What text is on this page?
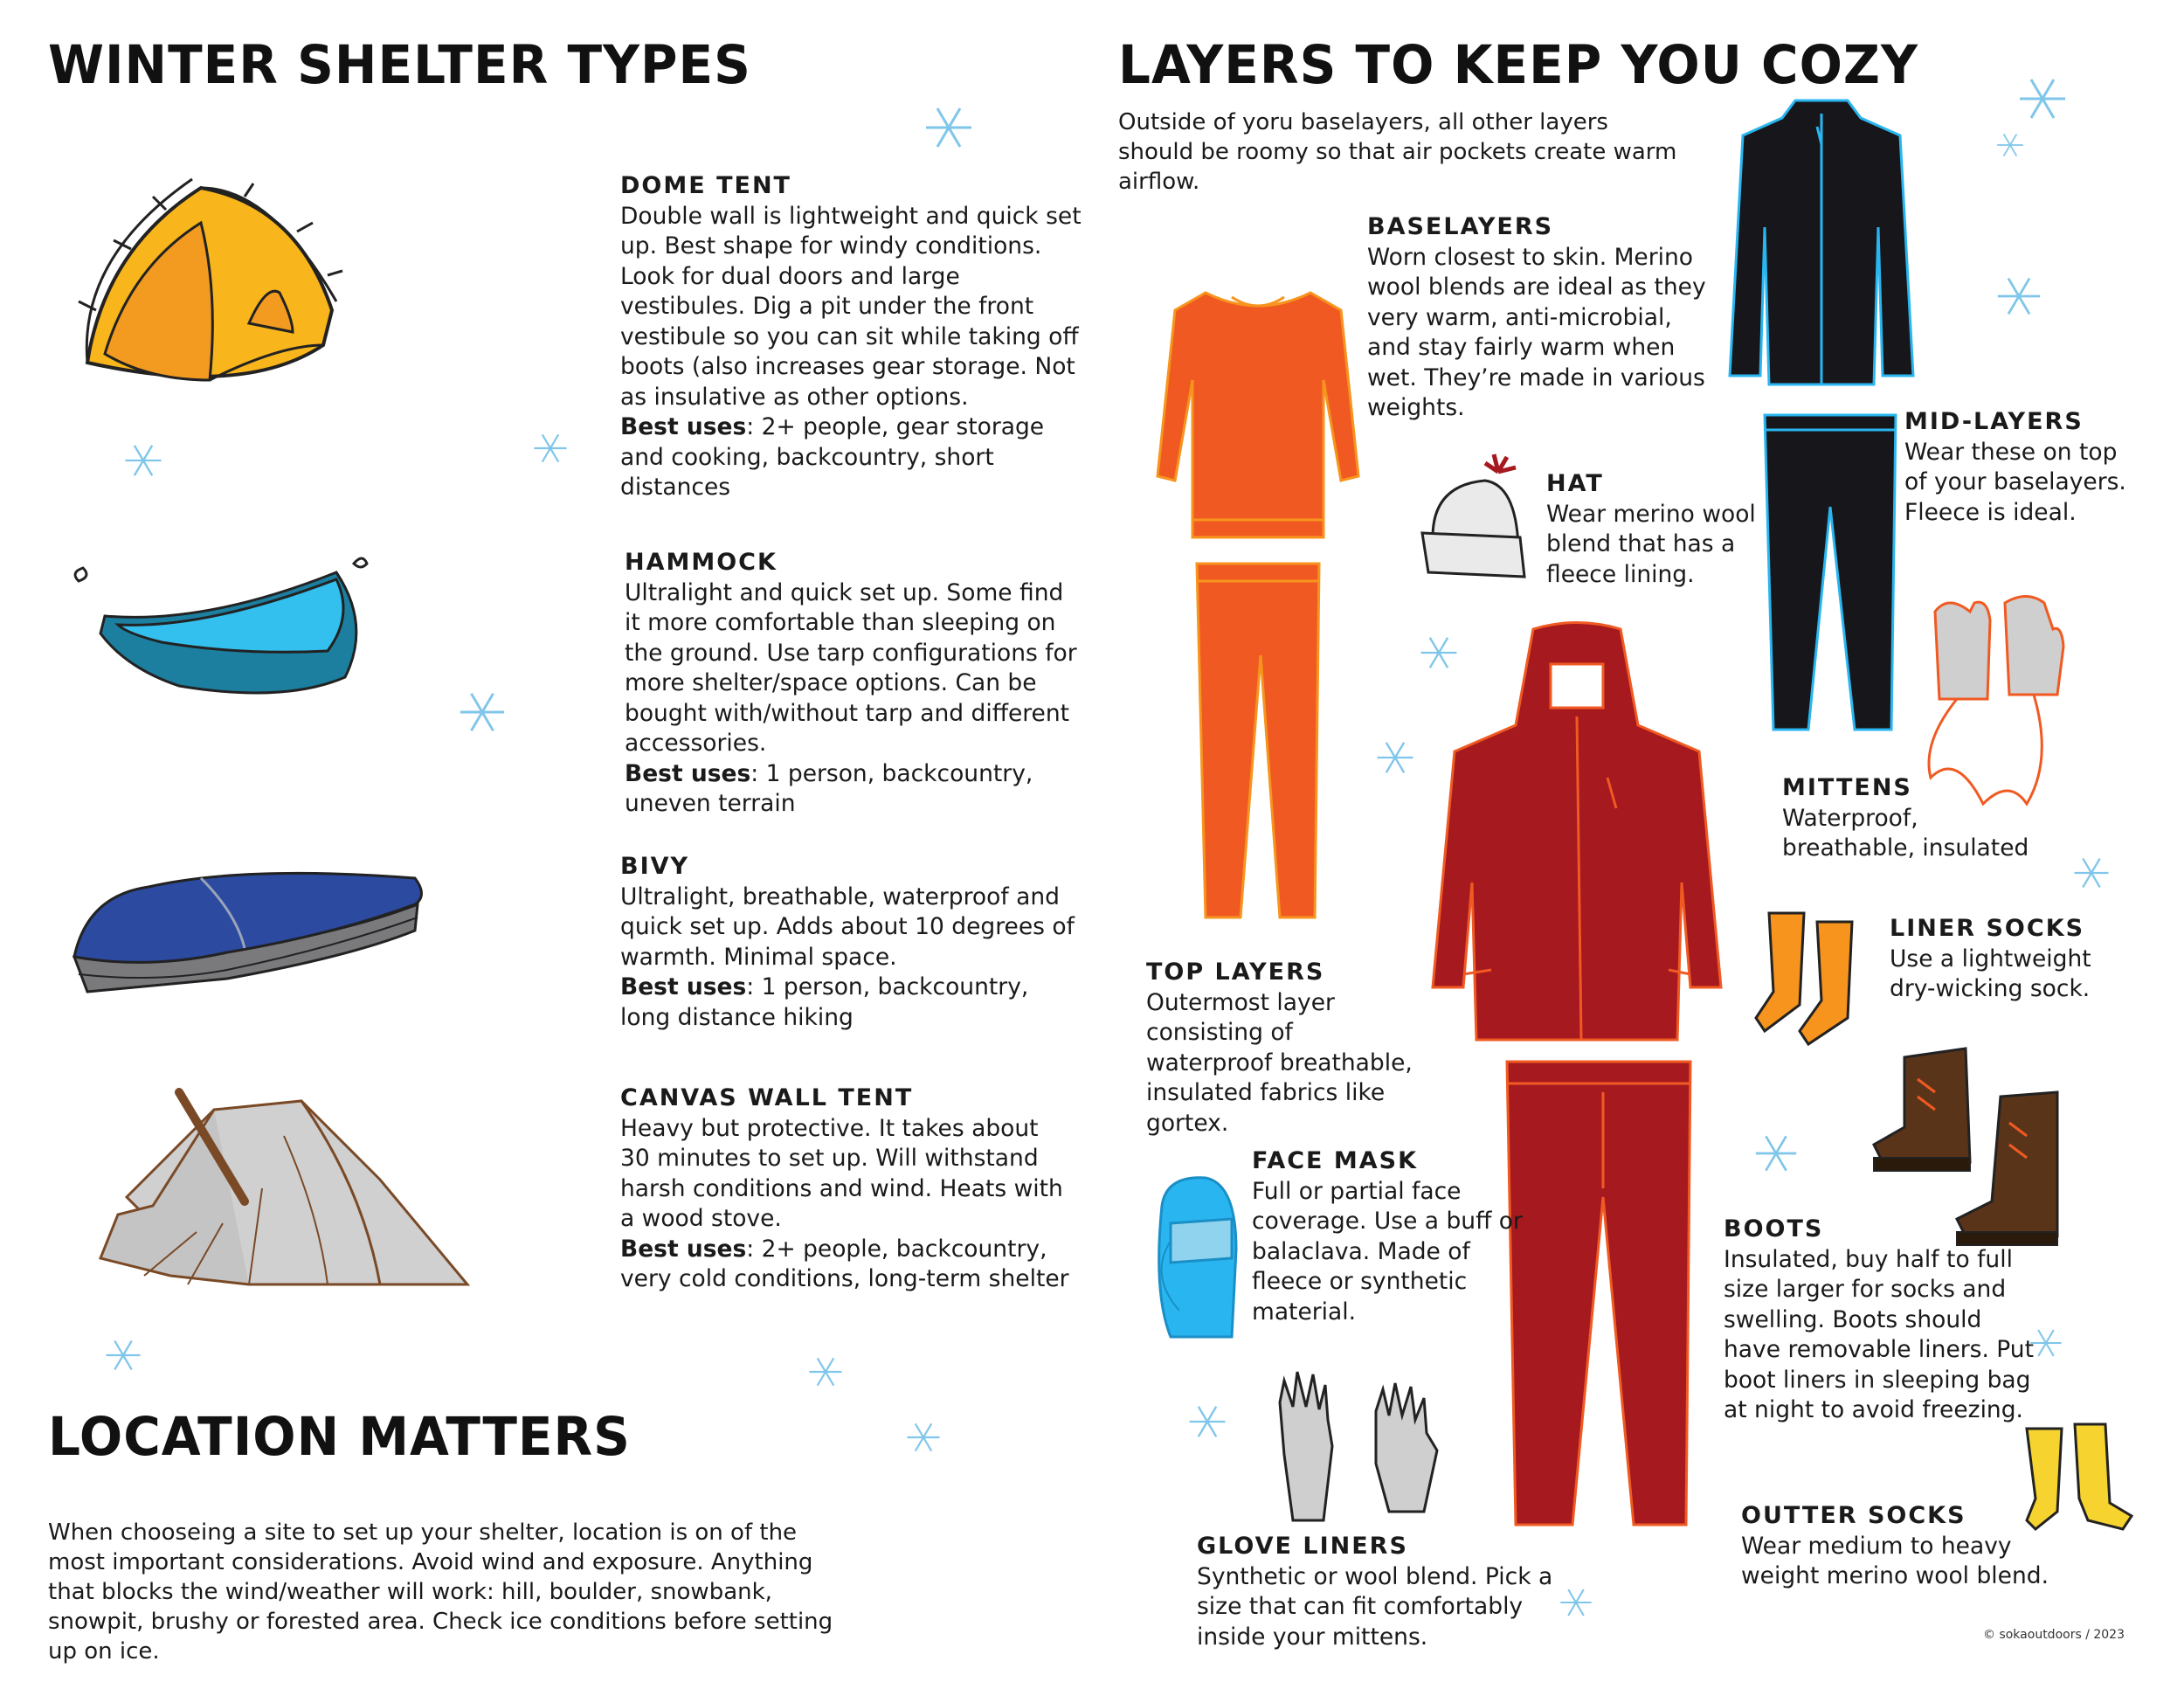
WINTER SHELTER TYPES
DOME TENT
Double wall is lightweight and quick set up. Best shape for windy conditions. Look for dual doors and large vestibules. Dig a pit under the front vestibule so you can sit while taking off boots (also increases gear storage. Not as insulative as other options.
Best uses: 2+ people, gear storage and cooking, backcountry, short distances
HAMMOCK
Ultralight and quick set up. Some find it more comfortable than sleeping on the ground. Use tarp configurations for more shelter/space options. Can be bought with/without tarp and different accessories.
Best uses: 1 person, backcountry, uneven terrain
BIVY
Ultralight, breathable, waterproof and quick set up. Adds about 10 degrees of warmth. Minimal space.
Best uses: 1 person, backcountry, long distance hiking
CANVAS WALL TENT
Heavy but protective. It takes about 30 minutes to set up. Will withstand harsh conditions and wind. Heats with a wood stove.
Best uses: 2+ people, backcountry, very cold conditions, long-term shelter
LOCATION MATTERS
When chooseing a site to set up your shelter, location is on of the most important considerations. Avoid wind and exposure. Anything that blocks the wind/weather will work: hill, boulder, snowbank, snowpit, brushy or forested area. Check ice conditions before setting up on ice.
LAYERS TO KEEP YOU COZY
Outside of yoru baselayers, all other layers should be roomy so that air pockets create warm airflow.
BASELAYERS
Worn closest to skin. Merino wool blends are ideal as they very warm, anti-microbial, and stay fairly warm when wet. They’re made in various weights.
HAT
Wear merino wool blend that has a fleece lining.
MID-LAYERS
Wear these on top of your baselayers. Fleece is ideal.
MITTENS
Waterproof, breathable, insulated
LINER SOCKS
Use a lightweight dry-wicking sock.
TOP LAYERS
Outermost layer consisting of waterproof breathable, insulated fabrics like gortex.
FACE MASK
Full or partial face coverage. Use a buff or balaclava. Made of fleece or synthetic material.
BOOTS
Insulated, buy half to full size larger for socks and swelling. Boots should have removable liners. Put boot liners in sleeping bag at night to avoid freezing.
GLOVE LINERS
Synthetic or wool blend. Pick a size that can fit comfortably inside your mittens.
OUTTER SOCKS
Wear medium to heavy weight merino wool blend.
© sokaoutdoors / 2023
